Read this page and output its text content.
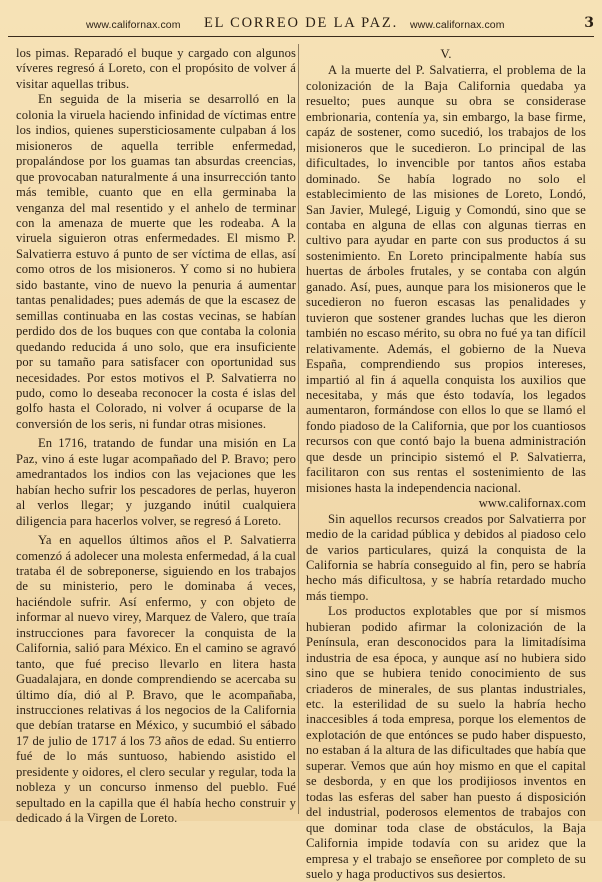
www.californax.com	EL CORREO DE LA PAZ.	www.californax.com	3

los pimas. Reparadó el buque y cargado con algunos víveres regresó á Loreto, con el propósito de volver á visitar aquellas tribus.

En seguida de la miseria se desarrolló en la colonia la viruela haciendo infinidad de víctimas entre los indios, quienes supersticiosamente culpaban á los misioneros de aquella terrible enfermedad, propalándose por los guamas tan absurdas creencias, que provocaban naturalmente á una insurrección tanto más temible, cuanto que en ella germinaba la venganza del mal resentido y el anhelo de terminar con la amenaza de muerte que les rodeaba. A la viruela siguieron otras enfermedades. El mismo P. Salvatierra estuvo á punto de ser víctima de ellas, así como otros de los misioneros. Y como si no hubiera sido bastante, vino de nuevo la penuria á aumentar tantas penalidades; pues además de que la escasez de semillas continuaba en las costas vecinas, se habían perdido dos de los buques con que contaba la colonia quedando reducida á uno solo, que era insuficiente por su tamaño para satisfacer con oportunidad sus necesidades. Por estos motivos el P. Salvatierra no pudo, como lo deseaba reconocer la costa é islas del golfo hasta el Colorado, ni volver á ocuparse de la conversión de los seris, ni fundar otras misiones.

En 1716, tratando de fundar una misión en La Paz, vino á este lugar acompañado del P. Bravo; pero amedrantados los indios con las vejaciones que les habían hecho sufrir los pescadores de perlas, huyeron al verlos llegar; y juzgando inútil cualquiera diligencia para hacerlos volver, se regresó á Loreto.

Ya en aquellos últimos años el P. Salvatierra comenzó á adolecer una molesta enfermedad, á la cual trataba él de sobreponerse, siguiendo en los trabajos de su ministerio, pero le dominaba á veces, haciéndole sufrir. Así enfermo, y con objeto de informar al nuevo virey, Marquez de Valero, que traía instrucciones para favorecer la conquista de la California, salió para México. En el camino se agravó tanto, que fué preciso llevarlo en litera hasta Guadalajara, en donde comprendiendo se acercaba su último día, dió al P. Bravo, que le acompañaba, instrucciones relativas á los negocios de la California que debían tratarse en México, y sucumbió el sábado 17 de julio de 1717 á los 73 años de edad. Su entierro fué de lo más suntuoso, habiendo asistido el presidente y oidores, el clero secular y regular, toda la nobleza y un concurso inmenso del pueblo. Fué sepultado en la capilla que él había hecho construir y dedicado á la Virgen de Loreto.

V.

A la muerte del P. Salvatierra, el problema de la colonización de la Baja California quedaba ya resuelto; pues aunque su obra se considerase embrionaria, contenía ya, sin embargo, la base firme, capáz de sostener, como sucedió, los trabajos de los misioneros que le sucedieron. Lo principal de las dificultades, lo invencible por tantos años estaba dominado. Se había logrado no solo el establecimiento de las misiones de Loreto, Londó, San Javier, Mulegé, Liguig y Comondú, sino que se contaba en alguna de ellas con algunas tierras en cultivo para ayudar en parte con sus productos á su sostenimiento. En Loreto principalmente había sus huertas de árboles frutales, y se contaba con algún ganado. Así, pues, aunque para los misioneros que le sucedieron no fueron escasas las penalidades y tuvieron que sostener grandes luchas que les dieron también no escaso mérito, su obra no fué ya tan difícil relativamente. Además, el gobierno de la Nueva España, comprendiendo sus propios intereses, impartió al fin á aquella conquista los auxilios que necesitaba, y más que ésto todavía, los legados aumentaron, formándose con ellos lo que se llamó el fondo piadoso de la California, que por los cuantiosos recursos con que contó bajo la buena administración que desde un principio sistemó el P. Salvatierra, facilitaron con sus rentas el sostenimiento de las misiones hasta la independencia nacional.

www.californax.com

Sin aquellos recursos creados por Salvatierra por medio de la caridad pública y debidos al piadoso celo de varios particulares, quizá la conquista de la California se habría conseguido al fin, pero se habría hecho más dificultosa, y se habría retardado mucho más tiempo.

Los productos explotables que por sí mismos hubieran podido afirmar la colonización de la Península, eran desconocidos para la limitadísima industria de esa época, y aunque así no hubiera sido sino que se hubiera tenido conocimiento de sus criaderos de minerales, de sus plantas industriales, etc. la esterilidad de su suelo la habría hecho inaccesibles á toda empresa, porque los elementos de explotación de que entónces se pudo haber dispuesto, no estaban á la altura de las dificultades que había que superar. Vemos que aún hoy mismo en que el capital se desborda, y en que los prodijiosos inventos en todas las esferas del saber han puesto á disposición del industrial, poderosos elementos de trabajos con que dominar toda clase de obstáculos, la Baja California impide todavía con su aridez que la empresa y el trabajo se enseñoree por completo de su suelo y haga productivos sus desiertos.
